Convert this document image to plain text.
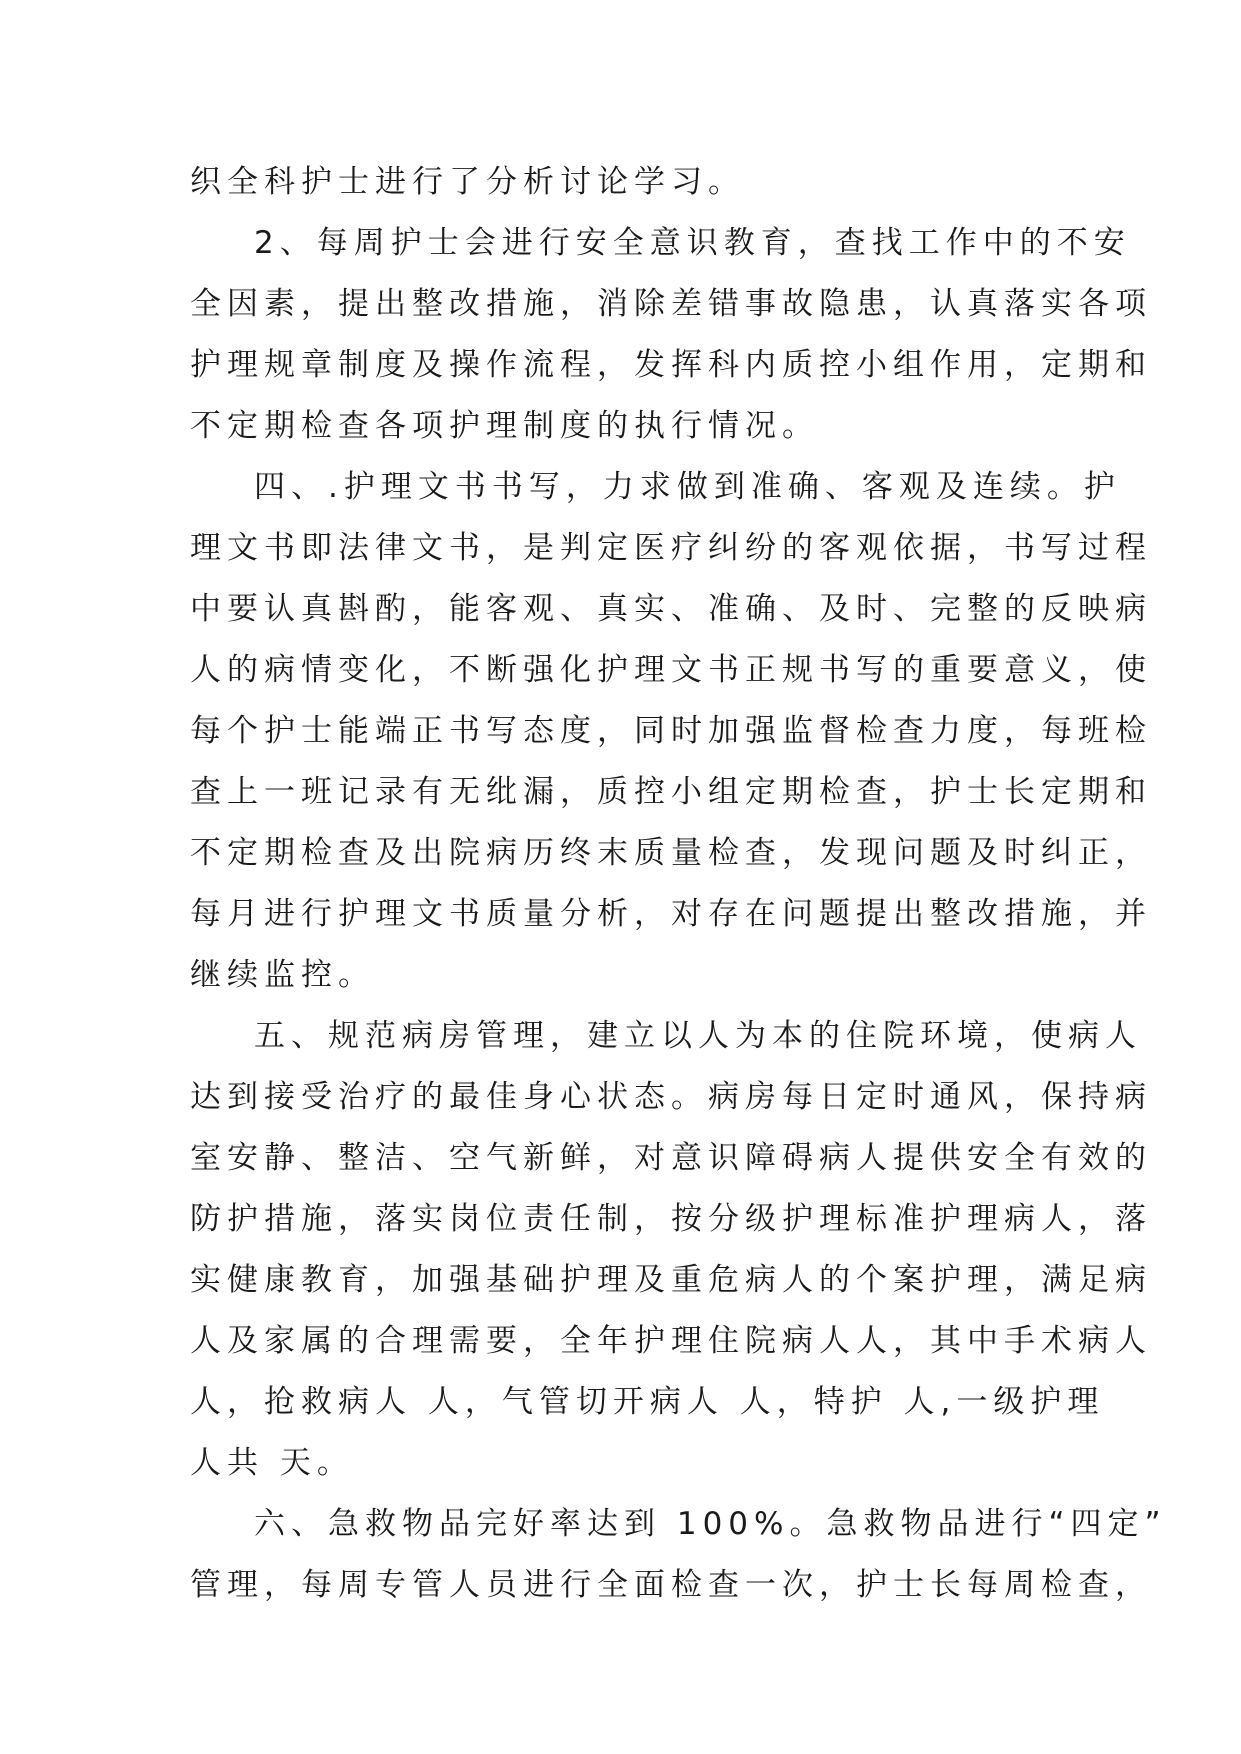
织全科护士进行了分析讨论学习。
2、每周护士会进行安全意识教育，查找工作中的不安
全因素，提出整改措施，消除差错事故隐患，认真落实各项
护理规章制度及操作流程，发挥科内质控小组作用，定期和
不定期检查各项护理制度的执行情况。
四、.护理文书书写，力求做到准确、客观及连续。护
理文书即法律文书，是判定医疗纠纷的客观依据，书写过程
中要认真斟酌，能客观、真实、准确、及时、完整的反映病
人的病情变化，不断强化护理文书正规书写的重要意义，使
每个护士能端正书写态度，同时加强监督检查力度，每班检
查上一班记录有无纰漏，质控小组定期检查，护士长定期和
不定期检查及出院病历终末质量检查，发现问题及时纠正，
每月进行护理文书质量分析，对存在问题提出整改措施，并
继续监控。
五、规范病房管理，建立以人为本的住院环境，使病人
达到接受治疗的最佳身心状态。病房每日定时通风，保持病
室安静、整洁、空气新鲜，对意识障碍病人提供安全有效的
防护措施，落实岗位责任制，按分级护理标准护理病人，落
实健康教育，加强基础护理及重危病人的个案护理，满足病
人及家属的合理需要，全年护理住院病人人，其中手术病人
人，抢救病人 人，气管切开病人 人，特护 人,一级护理
人共 天。
六、急救物品完好率达到 100%。急救物品进行“四定”
管理，每周专管人员进行全面检查一次，护士长每周检查，
